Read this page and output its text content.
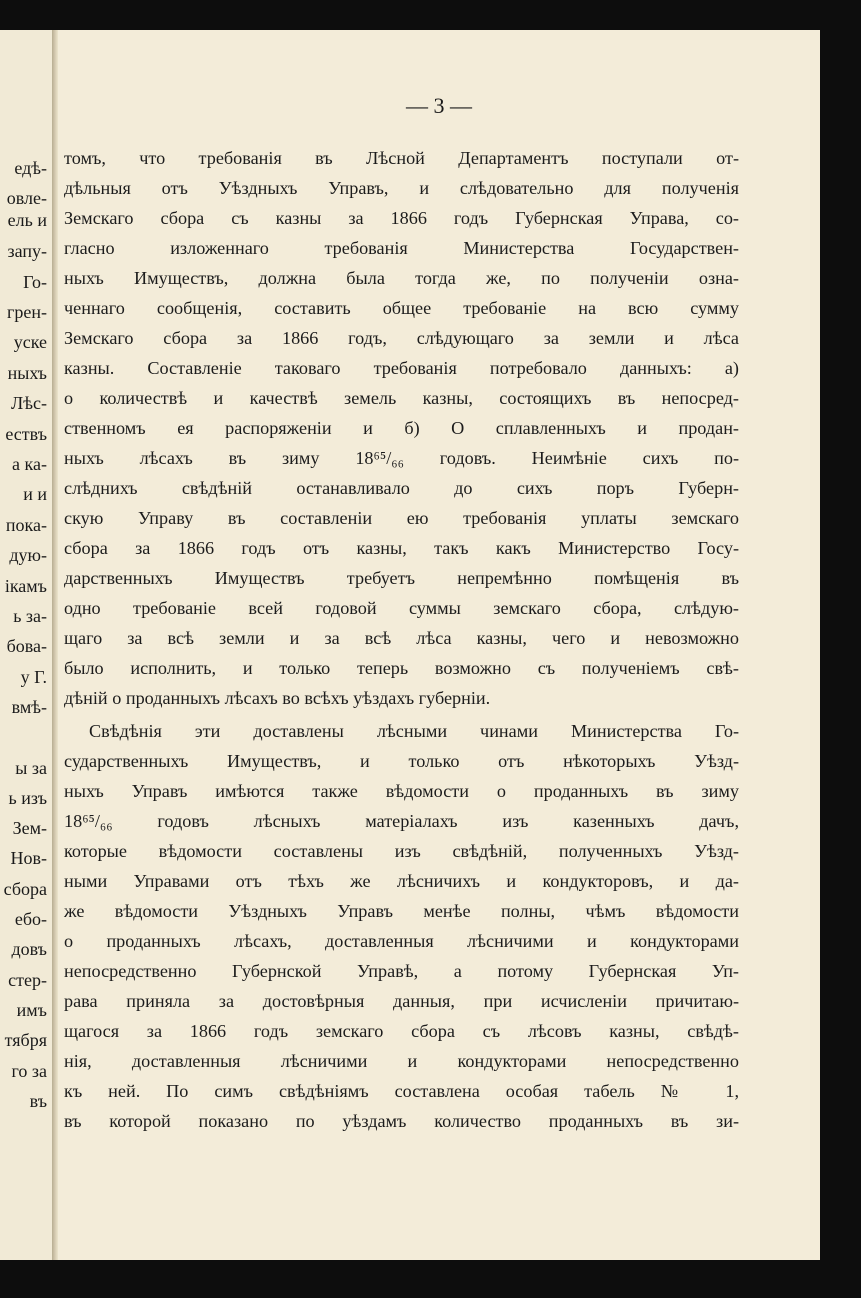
едѣ-

овле-

ель и

запу-

Го-

грен-

уске

ныхъ

Лѣс-

ествъ

а ка-

и и

пока-

дую-

ікамъ

ь за-

бова-

у Г.

вмѣ-

ы за

ь изъ

Зем-

Нов-

сбора

ебо-

довъ

стер-

имъ

тября

го за

въ

— 3 —

томъ, что требованія въ Лѣсной Департаментъ поступали от-

дѣльныя отъ Уѣздныхъ Управъ, и слѣдовательно для полученія

Земскаго сбора съ казны за 1866 годъ Губернская Управа, со-

гласно изложеннаго требованія Министерства Государствен-

ныхъ Имуществъ, должна была тогда же, по полученіи озна-

ченнаго сообщенія, составить общее требованіе на всю сумму

Земскаго сбора за 1866 годъ, слѣдующаго за земли и лѣса

казны. Составленіе таковаго требованія потребовало данныхъ: а)

о количествѣ и качествѣ земель казны, состоящихъ въ непосред-

ственномъ ея распоряженіи и б) О сплавленныхъ и продан-

ныхъ лѣсахъ въ зиму 18⁶⁵/₆₆ годовъ. Неимѣніе сихъ по-

слѣднихъ свѣдѣній останавливало до сихъ поръ Губерн-

скую Управу въ составленіи ею требованія уплаты земскаго

сбора за 1866 годъ отъ казны, такъ какъ Министерство Госу-

дарственныхъ Имуществъ требуетъ непремѣнно помѣщенія въ

одно требованіе всей годовой суммы земскаго сбора, слѣдую-

щаго за всѣ земли и за всѣ лѣса казны, чего и невозможно

было исполнить, и только теперь возможно съ полученіемъ свѣ-

дѣній о проданныхъ лѣсахъ во всѣхъ уѣздахъ губерніи.

Свѣдѣнія эти доставлены лѣсными чинами Министерства Го-

сударственныхъ Имуществъ, и только отъ нѣкоторыхъ Уѣзд-

ныхъ Управъ имѣются также вѣдомости о проданныхъ въ зиму

18⁶⁵/₆₆ годовъ лѣсныхъ матеріалахъ изъ казенныхъ дачъ,

которые вѣдомости составлены изъ свѣдѣній, полученныхъ Уѣзд-

ными Управами отъ тѣхъ же лѣсничихъ и кондукторовъ, и да-

же вѣдомости Уѣздныхъ Управъ менѣе полны, чѣмъ вѣдомости

о проданныхъ лѣсахъ, доставленныя лѣсничими и кондукторами

непосредственно Губернской Управѣ, а потому Губернская Уп-

рава приняла за достовѣрныя данныя, при исчисленіи причитаю-

щагося за 1866 годъ земскаго сбора съ лѣсовъ казны, свѣдѣ-

нія, доставленныя лѣсничими и кондукторами непосредственно

къ ней. По симъ свѣдѣніямъ составлена особая табель № 1,

въ которой показано по уѣздамъ количество проданныхъ въ зи-
